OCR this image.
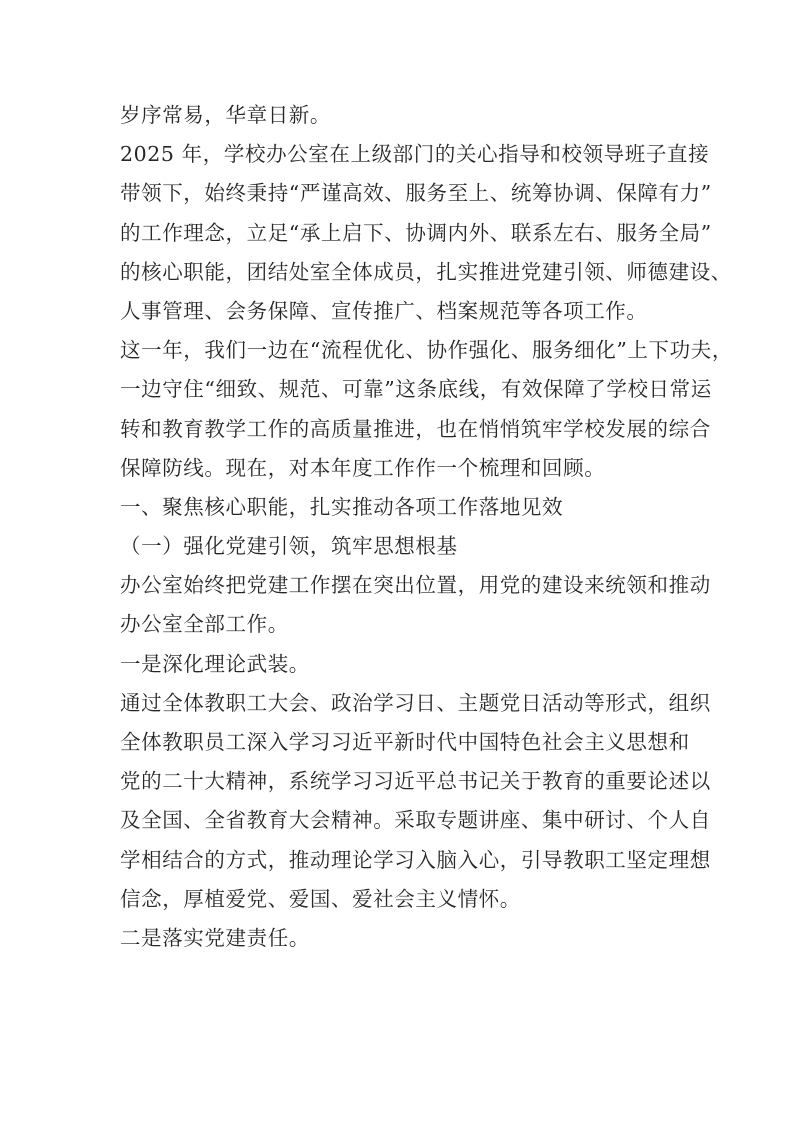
岁序常易，华章日新。

2025 年，学校办公室在上级部门的关心指导和校领导班子直接

带领下，始终秉持“严谨高效、服务至上、统筹协调、保障有力”

的工作理念，立足“承上启下、协调内外、联系左右、服务全局”

的核心职能，团结处室全体成员，扎实推进党建引领、师德建设、

人事管理、会务保障、宣传推广、档案规范等各项工作。

这一年，我们一边在“流程优化、协作强化、服务细化”上下功夫，

一边守住“细致、规范、可靠”这条底线，有效保障了学校日常运

转和教育教学工作的高质量推进，也在悄悄筑牢学校发展的综合

保障防线。现在，对本年度工作作一个梳理和回顾。

一、聚焦核心职能，扎实推动各项工作落地见效

（一）强化党建引领，筑牢思想根基

办公室始终把党建工作摆在突出位置，用党的建设来统领和推动

办公室全部工作。

一是深化理论武装。

通过全体教职工大会、政治学习日、主题党日活动等形式，组织

全体教职员工深入学习习近平新时代中国特色社会主义思想和

党的二十大精神，系统学习习近平总书记关于教育的重要论述以

及全国、全省教育大会精神。采取专题讲座、集中研讨、个人自

学相结合的方式，推动理论学习入脑入心，引导教职工坚定理想

信念，厚植爱党、爱国、爱社会主义情怀。

二是落实党建责任。
